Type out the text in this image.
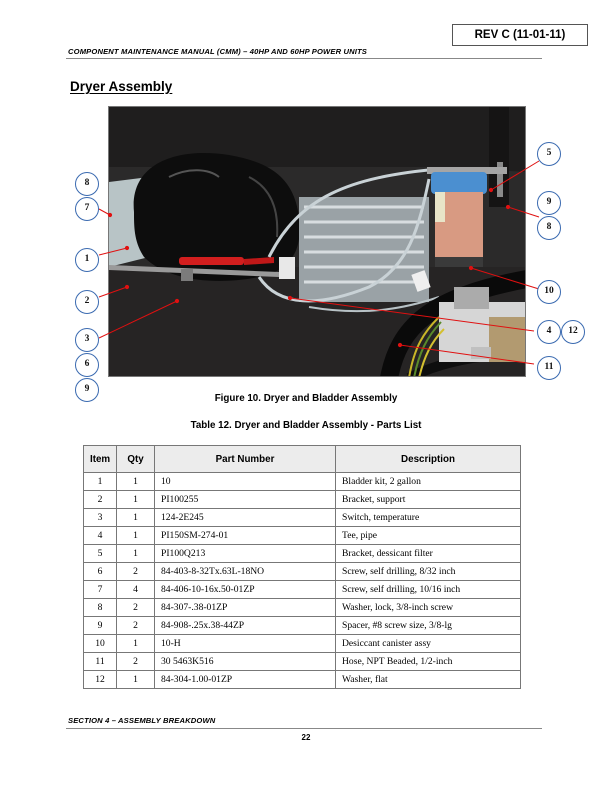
REV C (11-01-11)
COMPONENT MAINTENANCE MANUAL (CMM) – 40HP AND 60HP POWER UNITS
Dryer Assembly
8
7
1
2
3
6
9
5
9
8
10
4	12
11
Figure 10. Dryer and Bladder Assembly
Table 12. Dryer and Bladder Assembly - Parts List
Item	Qty	Part Number	Description
1	1	10	Bladder kit, 2 gallon
2	1	PI100255	Bracket, support
3	1	124-2E245	Switch, temperature
4	1	PI150SM-274-01	Tee, pipe
5	1	PI100Q213	Bracket, dessicant filter
6	2	84-403-8-32Tx.63L-18NO	Screw, self drilling, 8/32 inch
7	4	84-406-10-16x.50-01ZP	Screw, self drilling, 10/16 inch
8	2	84-307-.38-01ZP	Washer, lock, 3/8-inch screw
9	2	84-908-.25x.38-44ZP	Spacer, #8 screw size, 3/8-lg
10	1	10-H	Desiccant canister assy
11	2	30 5463K516	Hose, NPT Beaded, 1/2-inch
12	1	84-304-1.00-01ZP	Washer, flat
SECTION 4 – ASSEMBLY BREAKDOWN
22
